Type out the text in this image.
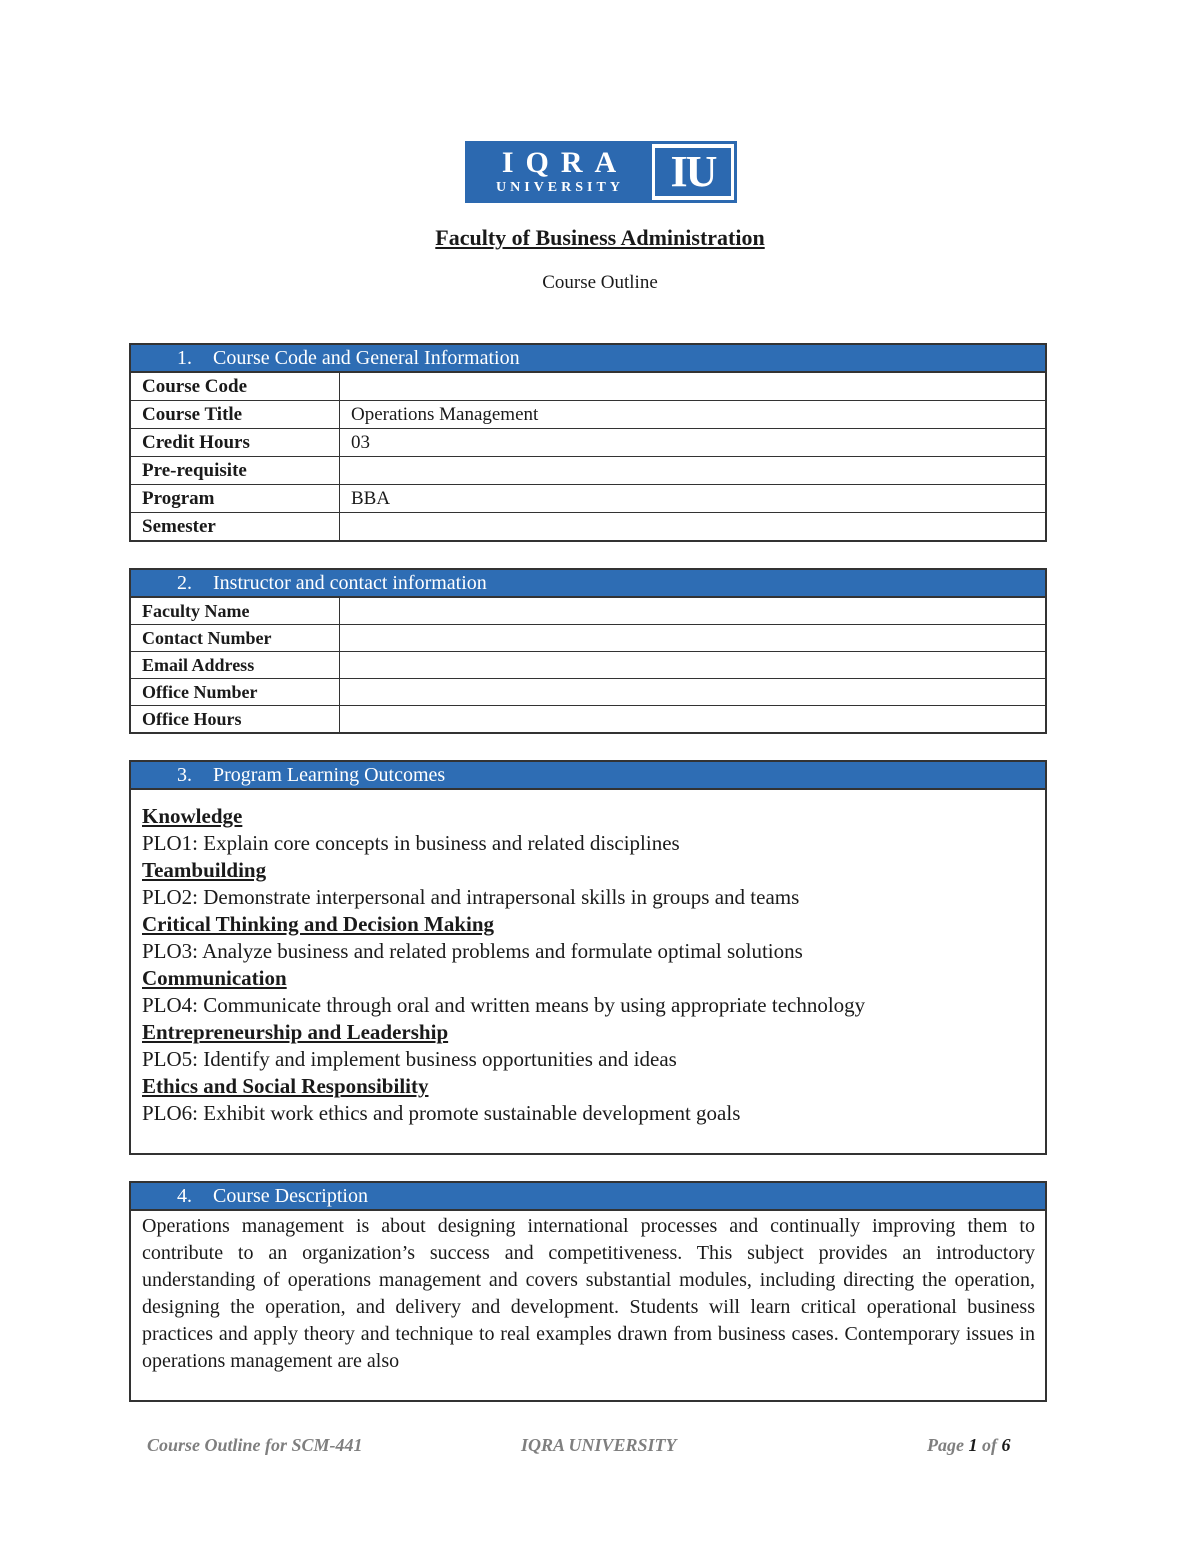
IQRA
UNIVERSITY	IU
Faculty of Business Administration
Course Outline
1. Course Code and General Information
Course Code	
Course Title	Operations Management
Credit Hours	03
Pre-requisite	
Program	BBA
Semester	
2. Instructor and contact information
Faculty Name	
Contact Number	
Email Address	
Office Number	
Office Hours	
3. Program Learning Outcomes
Knowledge
PLO1: Explain core concepts in business and related disciplines
Teambuilding
PLO2: Demonstrate interpersonal and intrapersonal skills in groups and teams
Critical Thinking and Decision Making
PLO3: Analyze business and related problems and formulate optimal solutions
Communication
PLO4: Communicate through oral and written means by using appropriate technology
Entrepreneurship and Leadership
PLO5: Identify and implement business opportunities and ideas
Ethics and Social Responsibility
PLO6: Exhibit work ethics and promote sustainable development goals
4. Course Description
Operations management is about designing international processes and continually improving them to contribute to an organization’s success and competitiveness. This subject provides an introductory understanding of operations management and covers substantial modules, including directing the operation, designing the operation, and delivery and development. Students will learn critical operational business practices and apply theory and technique to real examples drawn from business cases. Contemporary issues in operations management are also
Course Outline for SCM-441	IQRA UNIVERSITY	Page 1 of 6
